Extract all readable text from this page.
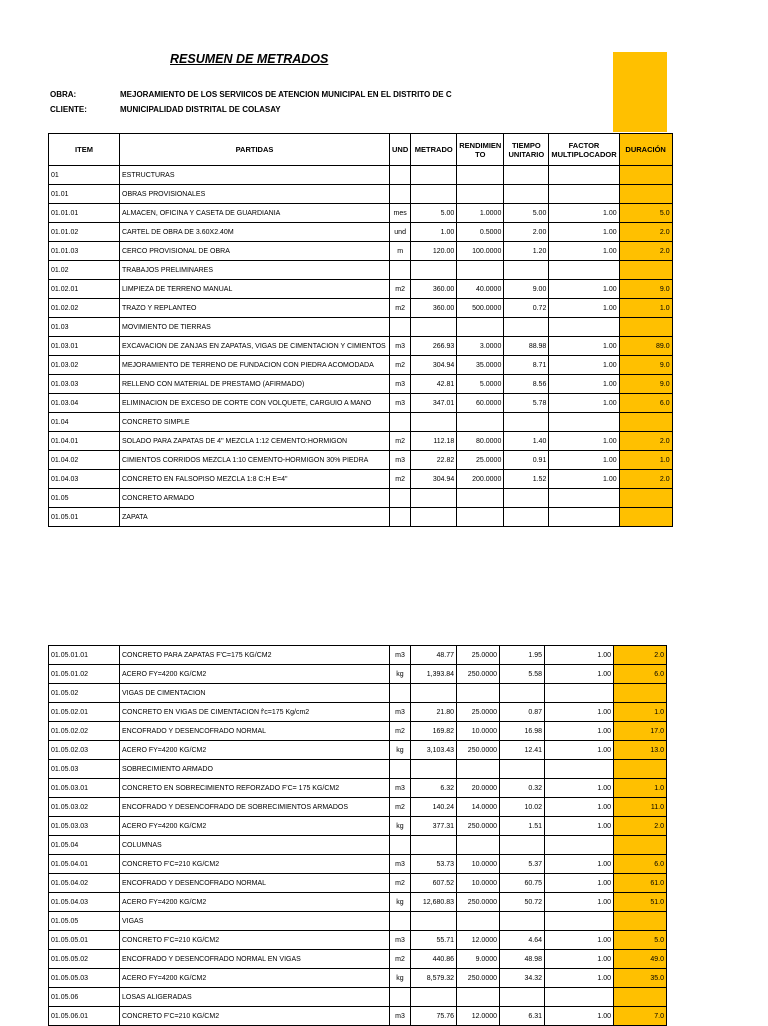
RESUMEN DE METRADOS
OBRA:	MEJORAMIENTO DE LOS SERVIICOS DE ATENCION MUNICIPAL EN EL DISTRITO DE C
CLIENTE:	MUNICIPALIDAD DISTRITAL DE COLASAY
ITEM	PARTIDAS	UND	METRADO	RENDIMIEN TO	TIEMPO UNITARIO	FACTOR MULTIPLOCADOR	DURACIÓN
01	ESTRUCTURAS						
01.01	OBRAS PROVISIONALES						
01.01.01	ALMACEN, OFICINA Y CASETA DE GUARDIANIA	mes	5.00	1.0000	5.00	1.00	5.0
01.01.02	CARTEL DE OBRA DE 3.60X2.40M	und	1.00	0.5000	2.00	1.00	2.0
01.01.03	CERCO PROVISIONAL DE OBRA	m	120.00	100.0000	1.20	1.00	2.0
01.02	TRABAJOS PRELIMINARES						
01.02.01	LIMPIEZA DE TERRENO MANUAL	m2	360.00	40.0000	9.00	1.00	9.0
01.02.02	TRAZO Y REPLANTEO	m2	360.00	500.0000	0.72	1.00	1.0
01.03	MOVIMIENTO DE TIERRAS						
01.03.01	EXCAVACION DE ZANJAS EN ZAPATAS, VIGAS DE CIMENTACION Y CIMIENTOS	m3	266.93	3.0000	88.98	1.00	89.0
01.03.02	MEJORAMIENTO DE TERRENO DE FUNDACION CON PIEDRA ACOMODADA	m2	304.94	35.0000	8.71	1.00	9.0
01.03.03	RELLENO CON MATERIAL DE PRESTAMO (AFIRMADO)	m3	42.81	5.0000	8.56	1.00	9.0
01.03.04	ELIMINACION DE EXCESO DE CORTE CON VOLQUETE, CARGUIO A MANO	m3	347.01	60.0000	5.78	1.00	6.0
01.04	CONCRETO SIMPLE						
01.04.01	SOLADO PARA ZAPATAS DE 4" MEZCLA 1:12 CEMENTO:HORMIGON	m2	112.18	80.0000	1.40	1.00	2.0
01.04.02	CIMIENTOS CORRIDOS MEZCLA 1:10 CEMENTO-HORMIGON 30% PIEDRA	m3	22.82	25.0000	0.91	1.00	1.0
01.04.03	CONCRETO EN FALSOPISO MEZCLA 1:8 C:H E=4"	m2	304.94	200.0000	1.52	1.00	2.0
01.05	CONCRETO ARMADO						
01.05.01	ZAPATA						
01.05.01.01	CONCRETO PARA ZAPATAS F'C=175 KG/CM2	m3	48.77	25.0000	1.95	1.00	2.0
01.05.01.02	ACERO FY=4200 KG/CM2	kg	1,393.84	250.0000	5.58	1.00	6.0
01.05.02	VIGAS DE CIMENTACION						
01.05.02.01	CONCRETO EN VIGAS DE CIMENTACION f'c=175 Kg/cm2	m3	21.80	25.0000	0.87	1.00	1.0
01.05.02.02	ENCOFRADO Y DESENCOFRADO NORMAL	m2	169.82	10.0000	16.98	1.00	17.0
01.05.02.03	ACERO FY=4200 KG/CM2	kg	3,103.43	250.0000	12.41	1.00	13.0
01.05.03	SOBRECIMIENTO ARMADO						
01.05.03.01	CONCRETO EN SOBRECIMIENTO REFORZADO F'C= 175 KG/CM2	m3	6.32	20.0000	0.32	1.00	1.0
01.05.03.02	ENCOFRADO Y DESENCOFRADO DE SOBRECIMIENTOS ARMADOS	m2	140.24	14.0000	10.02	1.00	11.0
01.05.03.03	ACERO FY=4200 KG/CM2	kg	377.31	250.0000	1.51	1.00	2.0
01.05.04	COLUMNAS						
01.05.04.01	CONCRETO F'C=210 KG/CM2	m3	53.73	10.0000	5.37	1.00	6.0
01.05.04.02	ENCOFRADO Y DESENCOFRADO NORMAL	m2	607.52	10.0000	60.75	1.00	61.0
01.05.04.03	ACERO FY=4200 KG/CM2	kg	12,680.83	250.0000	50.72	1.00	51.0
01.05.05	VIGAS						
01.05.05.01	CONCRETO F'C=210 KG/CM2	m3	55.71	12.0000	4.64	1.00	5.0
01.05.05.02	ENCOFRADO Y DESENCOFRADO NORMAL EN VIGAS	m2	440.86	9.0000	48.98	1.00	49.0
01.05.05.03	ACERO FY=4200 KG/CM2	kg	8,579.32	250.0000	34.32	1.00	35.0
01.05.06	LOSAS ALIGERADAS						
01.05.06.01	CONCRETO F'C=210 KG/CM2	m3	75.76	12.0000	6.31	1.00	7.0
